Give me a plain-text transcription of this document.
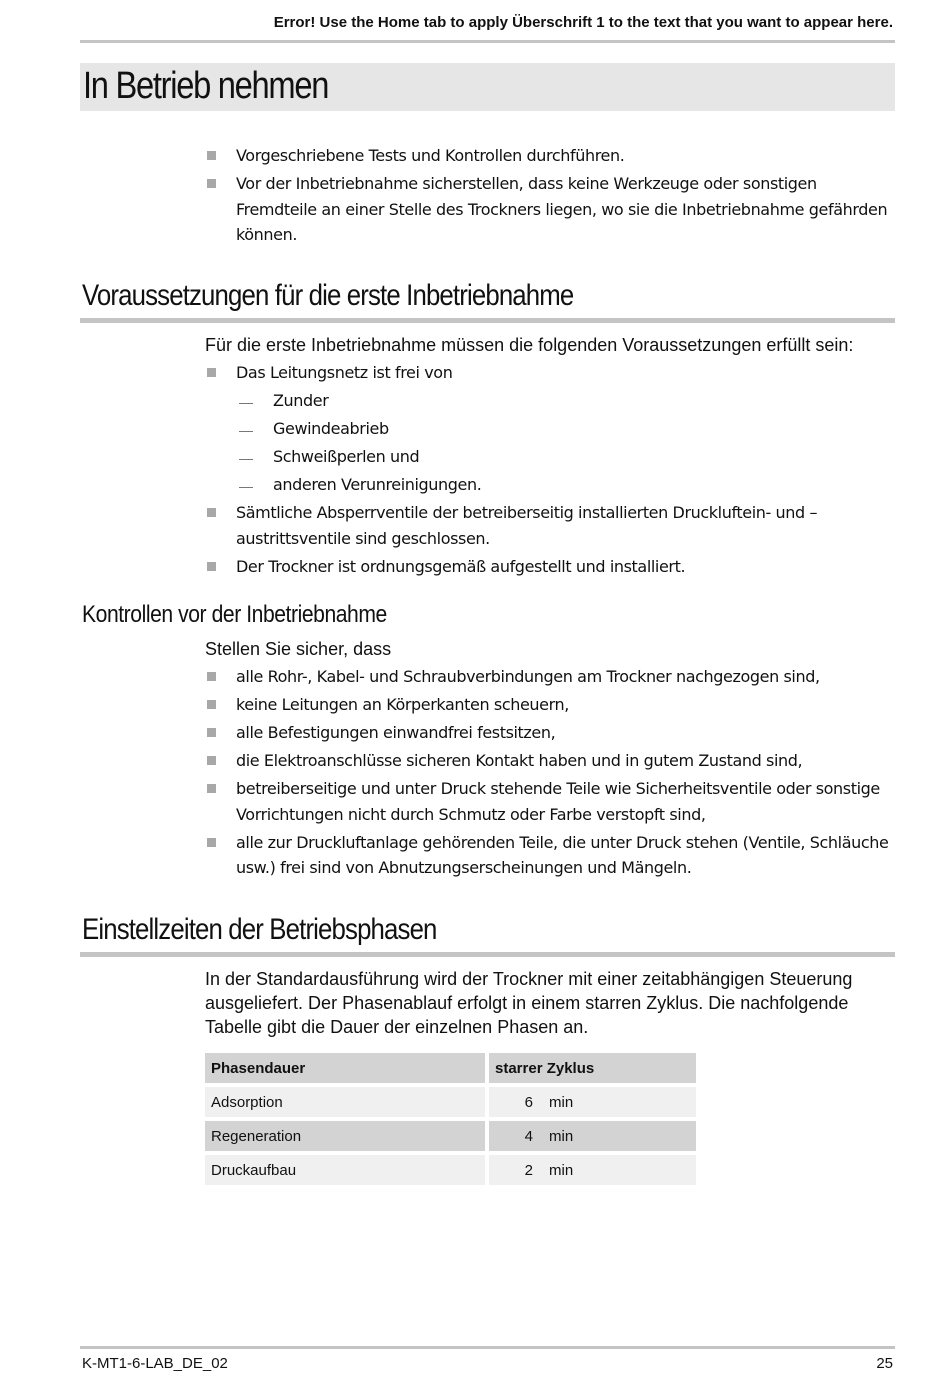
Error! Use the Home tab to apply Überschrift 1 to the text that you want to appear here.
In Betrieb nehmen
Vorgeschriebene Tests und Kontrollen durchführen.
Vor der Inbetriebnahme sicherstellen, dass keine Werkzeuge oder sonstigen Fremdteile an einer Stelle des Trockners liegen, wo sie die Inbetriebnahme gefährden können.
Voraussetzungen für die erste Inbetriebnahme
Für die erste Inbetriebnahme müssen die folgenden Voraussetzungen erfüllt sein:
Das Leitungsnetz ist frei von
Zunder
Gewindeabrieb
Schweißperlen und
anderen Verunreinigungen.
Sämtliche Absperrventile der betreiberseitig installierten Druckluftein- und –austrittsventile sind geschlossen.
Der Trockner ist ordnungsgemäß aufgestellt und installiert.
Kontrollen vor der Inbetriebnahme
Stellen Sie sicher, dass
alle Rohr-, Kabel- und Schraubverbindungen am Trockner nachgezogen sind,
keine Leitungen an Körperkanten scheuern,
alle Befestigungen einwandfrei festsitzen,
die Elektroanschlüsse sicheren Kontakt haben und in gutem Zustand sind,
betreiberseitige und unter Druck stehende Teile wie Sicherheitsventile oder sonstige Vorrichtungen nicht durch Schmutz oder Farbe verstopft sind,
alle zur Druckluftanlage gehörenden Teile, die unter Druck stehen (Ventile, Schläuche usw.) frei sind von Abnutzungserscheinungen und Mängeln.
Einstellzeiten der Betriebsphasen
In der Standardausführung wird der Trockner mit einer zeitabhängigen Steuerung ausgeliefert. Der Phasenablauf erfolgt in einem starren Zyklus. Die nachfolgende Tabelle gibt die Dauer der einzelnen Phasen an.
Phasendauer		starrer Zyklus
Adsorption		6 min
Regeneration		4 min
Druckaufbau		2 min
K-MT1-6-LAB_DE_02	25
